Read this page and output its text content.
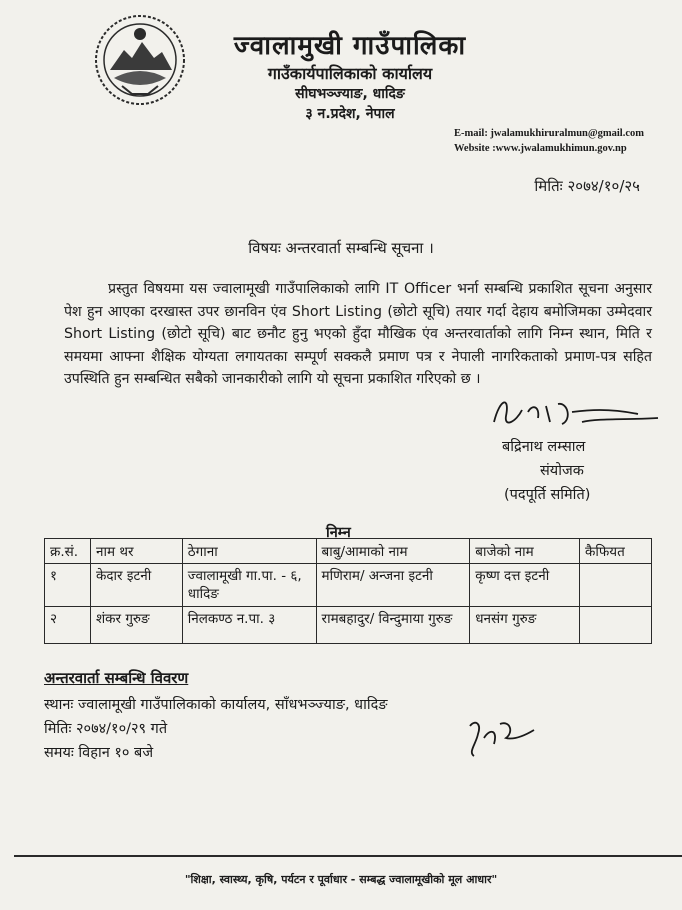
ज्वालामुखी गाउँपालिका
गाउँकार्यपालिकाको कार्यालय
सीघभञ्ज्याङ, धादिङ
३ न.प्रदेश, नेपाल
E-mail: jwalamukhiruralmun@gmail.com
Website :www.jwalamukhimun.gov.np
मितिः २०७४/१०/२५
विषयः अन्तरवार्ता सम्बन्धि सूचना ।
प्रस्तुत विषयमा यस ज्वालामूखी गाउँपालिकाको लागि IT Officer भर्ना सम्बन्धि प्रकाशित सूचना अनुसार पेश हुन आएका दरखास्त उपर छानविन एंव Short Listing (छोटो सूचि) तयार गर्दा देहाय बमोजिमका उम्मेदवार Short Listing (छोटो सूचि) बाट छनौट हुनु भएको हुँदा मौखिक एंव अन्तरवार्ताको लागि निम्न स्थान, मिति र समयमा आफ्ना शैक्षिक योग्यता लगायतका सम्पूर्ण सक्कलै प्रमाण पत्र र नेपाली नागरिकताको प्रमाण-पत्र सहित उपस्थिति हुन सम्बन्धित सबैको जानकारीको लागि यो सूचना प्रकाशित गरिएको छ ।
बद्रिनाथ लम्साल
संयोजक
(पदपूर्ति समिति)
निम्न
क्र.सं.	नाम थर	ठेगाना	बाबु/आमाको नाम	बाजेको नाम	कैफियत
१	केदार इटनी	ज्वालामूखी गा.पा. - ६, धादिङ	मणिराम/ अन्जना इटनी	कृष्ण दत्त इटनी	
२	शंकर गुरुङ	निलकण्ठ न.पा. ३	रामबहादुर/ विन्दुमाया गुरुङ	धनसंग गुरुङ	
अन्तरवार्ता सम्बन्धि विवरण
स्थानः ज्वालामूखी गाउँपालिकाको कार्यालय, साँधभञ्ज्याङ, धादिङ
मितिः २०७४/१०/२९ गते
समयः विहान १० बजे
"शिक्षा, स्वास्थ्य, कृषि, पर्यटन र पूर्वाधार - सम्बद्ध ज्वालामूखीको मूल आधार"
